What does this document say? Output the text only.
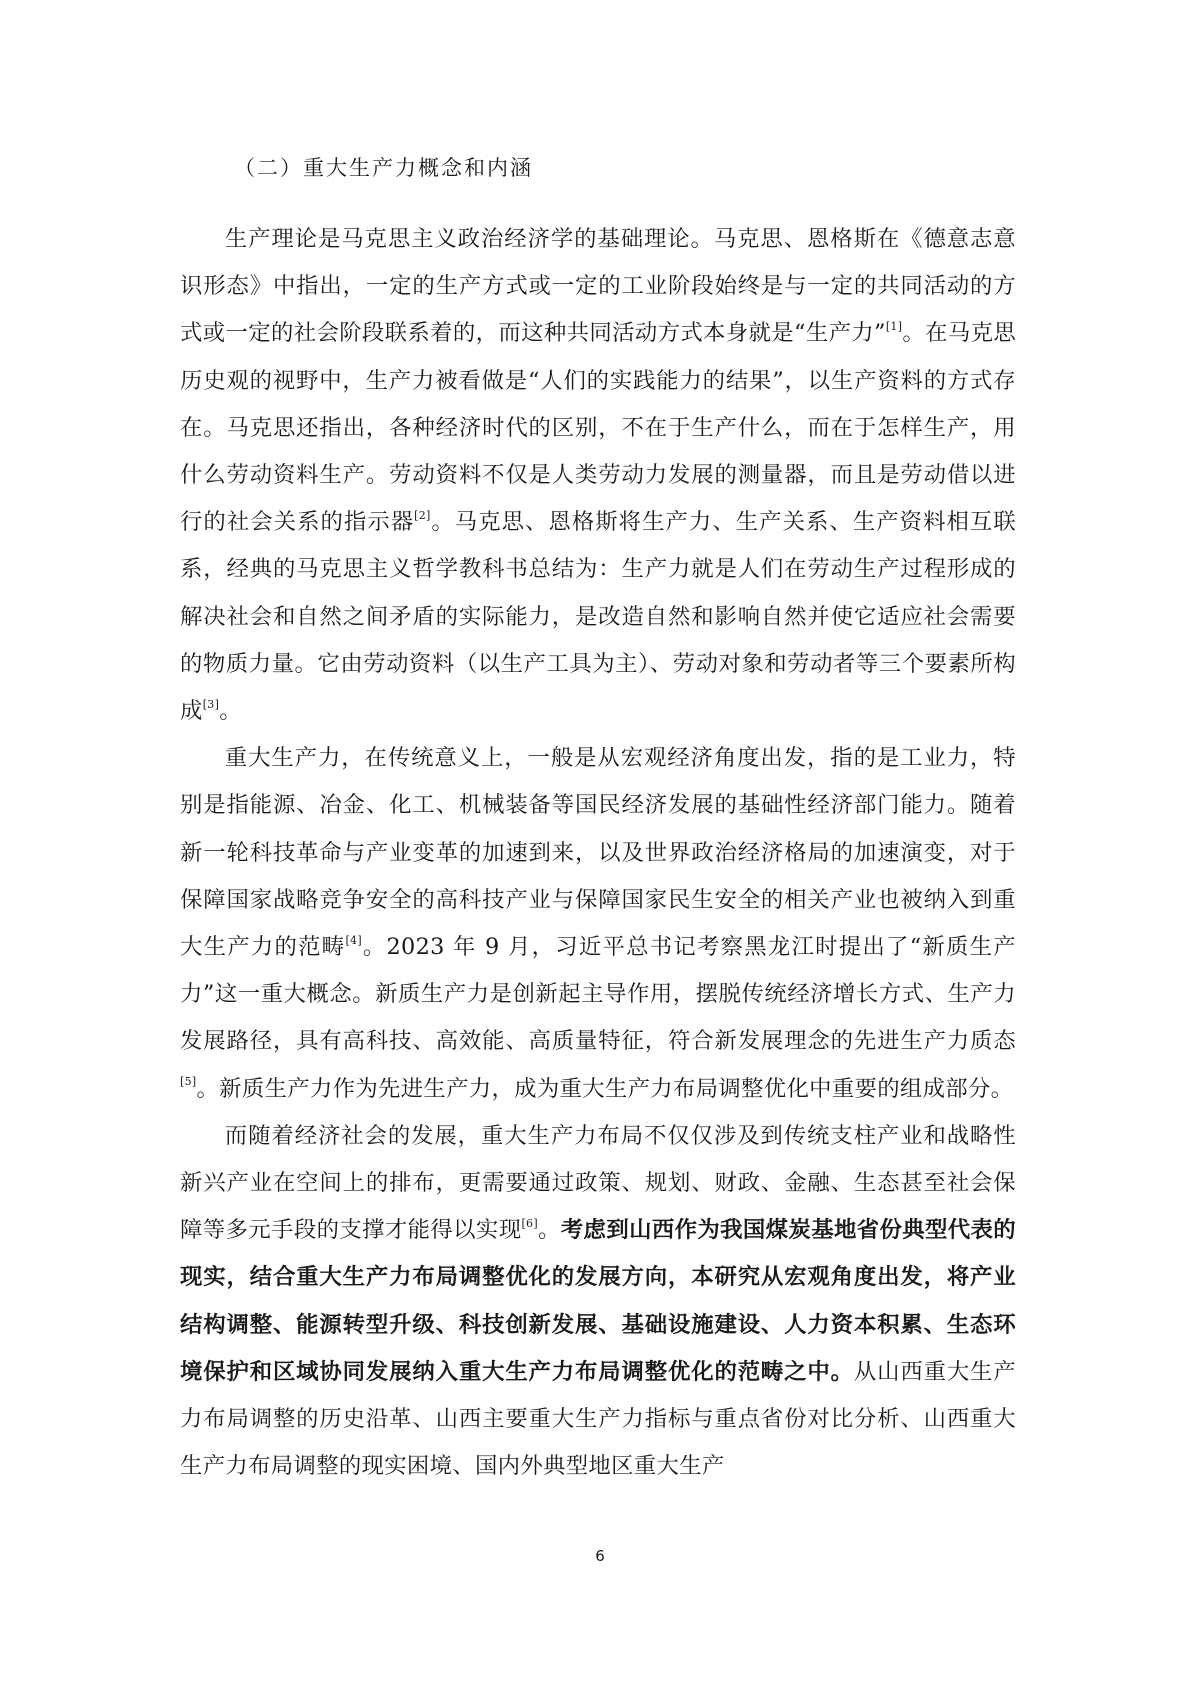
（二）重大生产力概念和内涵

生产理论是马克思主义政治经济学的基础理论。马克思、恩格斯在《德意志意识形态》中指出，一定的生产方式或一定的工业阶段始终是与一定的共同活动的方式或一定的社会阶段联系着的，而这种共同活动方式本身就是“生产力”[1]。在马克思历史观的视野中，生产力被看做是“人们的实践能力的结果”，以生产资料的方式存在。马克思还指出，各种经济时代的区别，不在于生产什么，而在于怎样生产，用什么劳动资料生产。劳动资料不仅是人类劳动力发展的测量器，而且是劳动借以进行的社会关系的指示器[2]。马克思、恩格斯将生产力、生产关系、生产资料相互联系，经典的马克思主义哲学教科书总结为：生产力就是人们在劳动生产过程形成的解决社会和自然之间矛盾的实际能力，是改造自然和影响自然并使它适应社会需要的物质力量。它由劳动资料（以生产工具为主）、劳动对象和劳动者等三个要素所构成[3]。

重大生产力，在传统意义上，一般是从宏观经济角度出发，指的是工业力，特别是指能源、冶金、化工、机械装备等国民经济发展的基础性经济部门能力。随着新一轮科技革命与产业变革的加速到来，以及世界政治经济格局的加速演变，对于保障国家战略竞争安全的高科技产业与保障国家民生安全的相关产业也被纳入到重大生产力的范畴[4]。2023 年 9 月，习近平总书记考察黑龙江时提出了“新质生产力”这一重大概念。新质生产力是创新起主导作用，摆脱传统经济增长方式、生产力发展路径，具有高科技、高效能、高质量特征，符合新发展理念的先进生产力质态[5]。新质生产力作为先进生产力，成为重大生产力布局调整优化中重要的组成部分。

而随着经济社会的发展，重大生产力布局不仅仅涉及到传统支柱产业和战略性新兴产业在空间上的排布，更需要通过政策、规划、财政、金融、生态甚至社会保障等多元手段的支撑才能得以实现[6]。考虑到山西作为我国煤炭基地省份典型代表的现实，结合重大生产力布局调整优化的发展方向，本研究从宏观角度出发，将产业结构调整、能源转型升级、科技创新发展、基础设施建设、人力资本积累、生态环境保护和区域协同发展纳入重大生产力布局调整优化的范畴之中。从山西重大生产力布局调整的历史沿革、山西主要重大生产力指标与重点省份对比分析、山西重大生产力布局调整的现实困境、国内外典型地区重大生产

6
